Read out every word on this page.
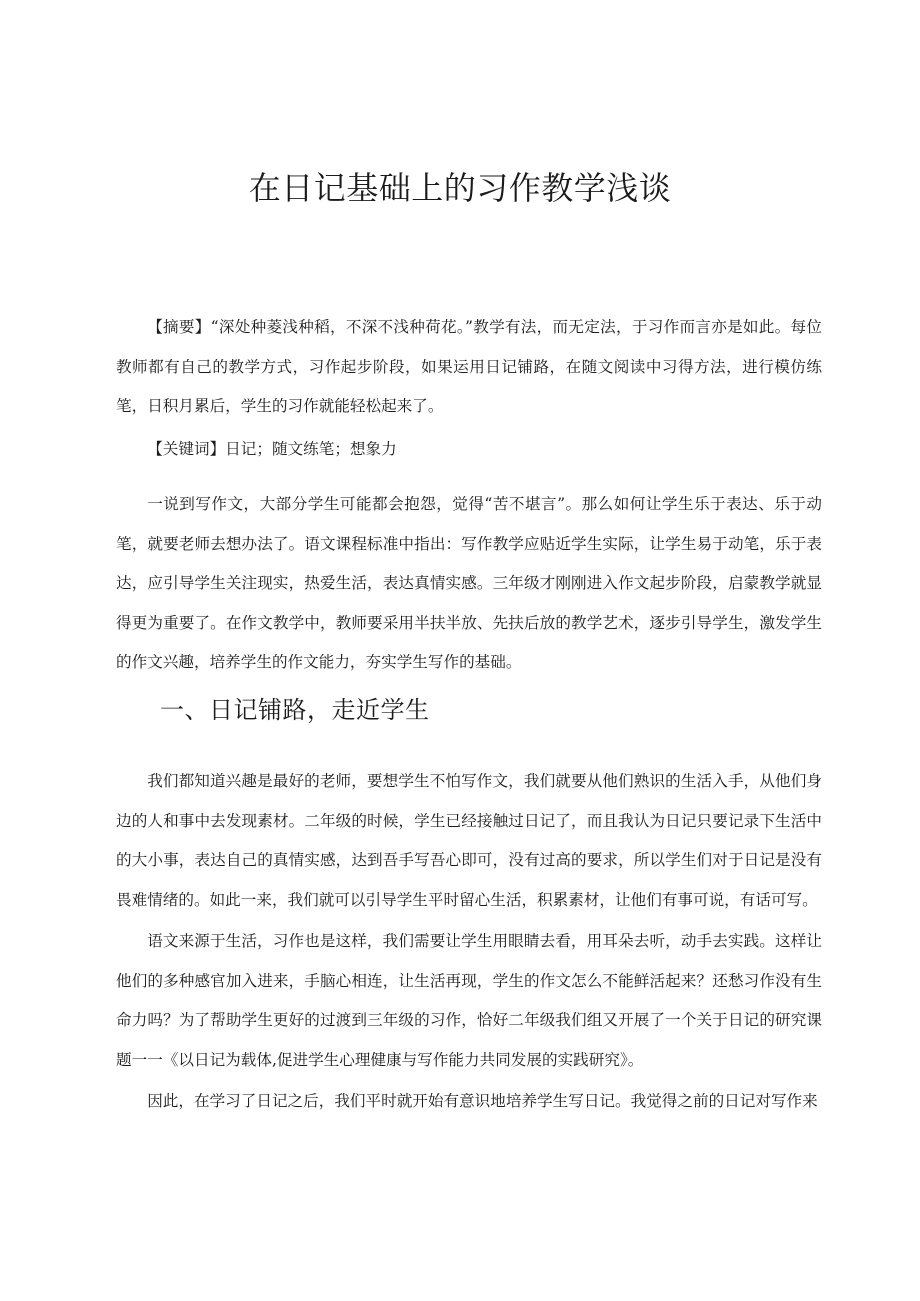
在日记基础上的习作教学浅谈

【摘要】“深处种菱浅种稻，不深不浅种荷花。”教学有法，而无定法，于习作而言亦是如此。每位教师都有自己的教学方式，习作起步阶段，如果运用日记铺路，在随文阅读中习得方法，进行模仿练笔，日积月累后，学生的习作就能轻松起来了。

【关键词】日记；随文练笔；想象力

一说到写作文，大部分学生可能都会抱怨，觉得“苦不堪言”。那么如何让学生乐于表达、乐于动笔，就要老师去想办法了。语文课程标准中指出：写作教学应贴近学生实际，让学生易于动笔，乐于表达，应引导学生关注现实，热爱生活，表达真情实感。三年级才刚刚进入作文起步阶段，启蒙教学就显得更为重要了。在作文教学中，教师要采用半扶半放、先扶后放的教学艺术，逐步引导学生，激发学生的作文兴趣，培养学生的作文能力，夯实学生写作的基础。

一、日记铺路，走近学生

我们都知道兴趣是最好的老师，要想学生不怕写作文，我们就要从他们熟识的生活入手，从他们身边的人和事中去发现素材。二年级的时候，学生已经接触过日记了，而且我认为日记只要记录下生活中的大小事，表达自己的真情实感，达到吾手写吾心即可，没有过高的要求，所以学生们对于日记是没有畏难情绪的。如此一来，我们就可以引导学生平时留心生活，积累素材，让他们有事可说，有话可写。

语文来源于生活，习作也是这样，我们需要让学生用眼睛去看，用耳朵去听，动手去实践。这样让他们的多种感官加入进来，手脑心相连，让生活再现，学生的作文怎么不能鲜活起来？还愁习作没有生命力吗？为了帮助学生更好的过渡到三年级的习作，恰好二年级我们组又开展了一个关于日记的研究课题一一《以日记为载体,促进学生心理健康与写作能力共同发展的实践研究》。

因此，在学习了日记之后，我们平时就开始有意识地培养学生写日记。我觉得之前的日记对写作来
